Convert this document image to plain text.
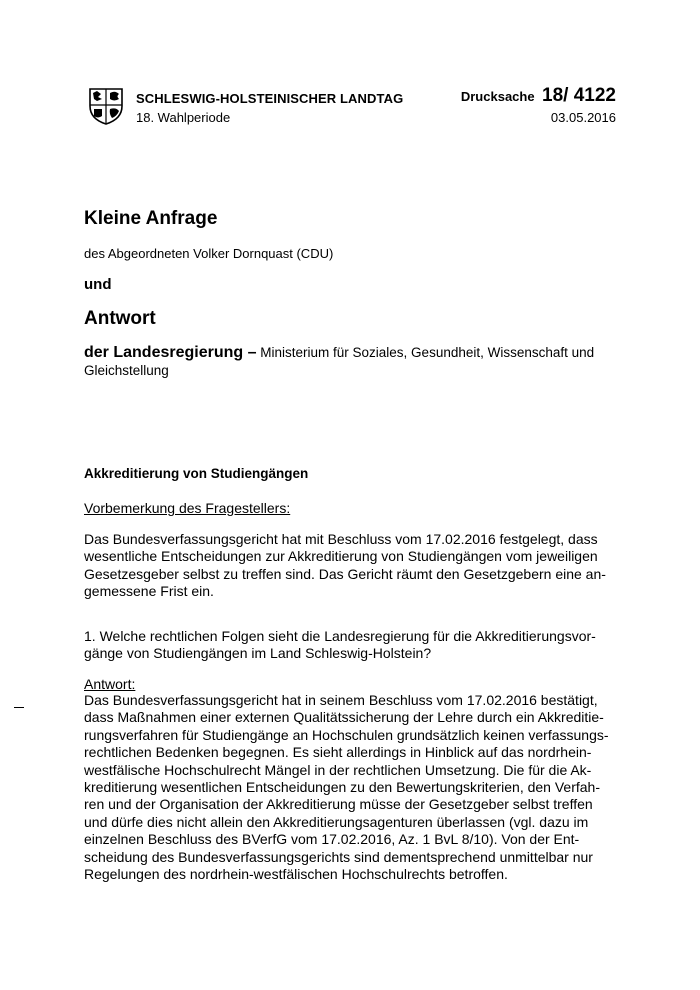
SCHLESWIG-HOLSTEINISCHER LANDTAG
18. Wahlperiode
Drucksache 18/ 4122
03.05.2016
Kleine Anfrage
des Abgeordneten Volker Dornquast (CDU)
und
Antwort
der Landesregierung – Ministerium für Soziales, Gesundheit, Wissenschaft und Gleichstellung
Akkreditierung von Studiengängen
Vorbemerkung des Fragestellers:
Das Bundesverfassungsgericht hat mit Beschluss vom 17.02.2016 festgelegt, dass
wesentliche Entscheidungen zur Akkreditierung von Studiengängen vom jeweiligen
Gesetzesgeber selbst zu treffen sind. Das Gericht räumt den Gesetzgebern eine an-
gemessene Frist ein.
1. Welche rechtlichen Folgen sieht die Landesregierung für die Akkreditierungsvor-
gänge von Studiengängen im Land Schleswig-Holstein?
Antwort:
Das Bundesverfassungsgericht hat in seinem Beschluss vom 17.02.2016 bestätigt,
dass Maßnahmen einer externen Qualitätssicherung der Lehre durch ein Akkreditie-
rungsverfahren für Studiengänge an Hochschulen grundsätzlich keinen verfassungs-
rechtlichen Bedenken begegnen. Es sieht allerdings in Hinblick auf das nordrhein-
westfälische Hochschulrecht Mängel in der rechtlichen Umsetzung. Die für die Ak-
kreditierung wesentlichen Entscheidungen zu den Bewertungskriterien, den Verfah-
ren und der Organisation der Akkreditierung müsse der Gesetzgeber selbst treffen
und dürfe dies nicht allein den Akkreditierungsagenturen überlassen (vgl. dazu im
einzelnen Beschluss des BVerfG vom 17.02.2016, Az. 1 BvL 8/10). Von der Ent-
scheidung des Bundesverfassungsgerichts sind dementsprechend unmittelbar nur
Regelungen des nordrhein-westfälischen Hochschulrechts betroffen.
